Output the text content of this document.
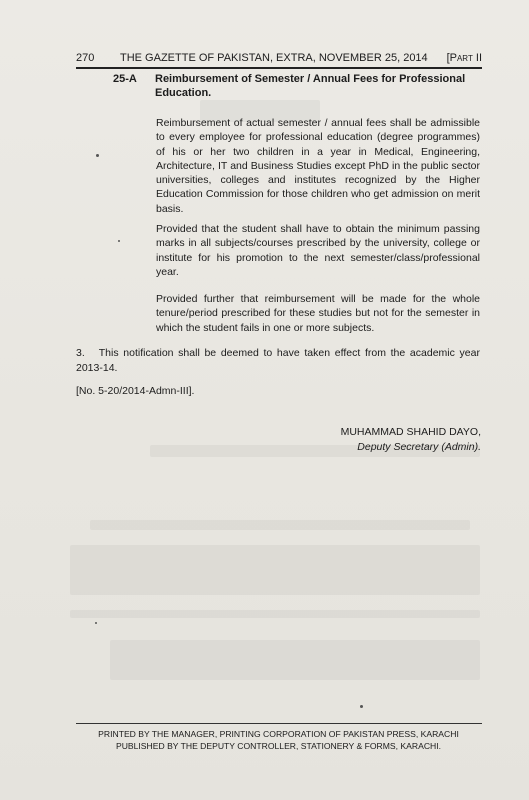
270	THE GAZETTE OF PAKISTAN, EXTRA, NOVEMBER 25, 2014	[Part II
25-A Reimbursement of Semester / Annual Fees for Professional Education.
Reimbursement of actual semester / annual fees shall be admissible to every employee for professional education (degree programmes) of his or her two children in a year in Medical, Engineering, Architecture, IT and Business Studies except PhD in the public sector universities, colleges and institutes recognized by the Higher Education Commission for those children who get admission on merit basis.
Provided that the student shall have to obtain the minimum passing marks in all subjects/courses prescribed by the university, college or institute for his promotion to the next semester/class/professional year.
Provided further that reimbursement will be made for the whole tenure/period prescribed for these studies but not for the semester in which the student fails in one or more subjects.
3. This notification shall be deemed to have taken effect from the academic year 2013-14.
[No. 5-20/2014-Admn-III].
MUHAMMAD SHAHID DAYO,
Deputy Secretary (Admin).
PRINTED BY THE MANAGER, PRINTING CORPORATION OF PAKISTAN PRESS, KARACHI
PUBLISHED BY THE DEPUTY CONTROLLER, STATIONERY & FORMS, KARACHI.
